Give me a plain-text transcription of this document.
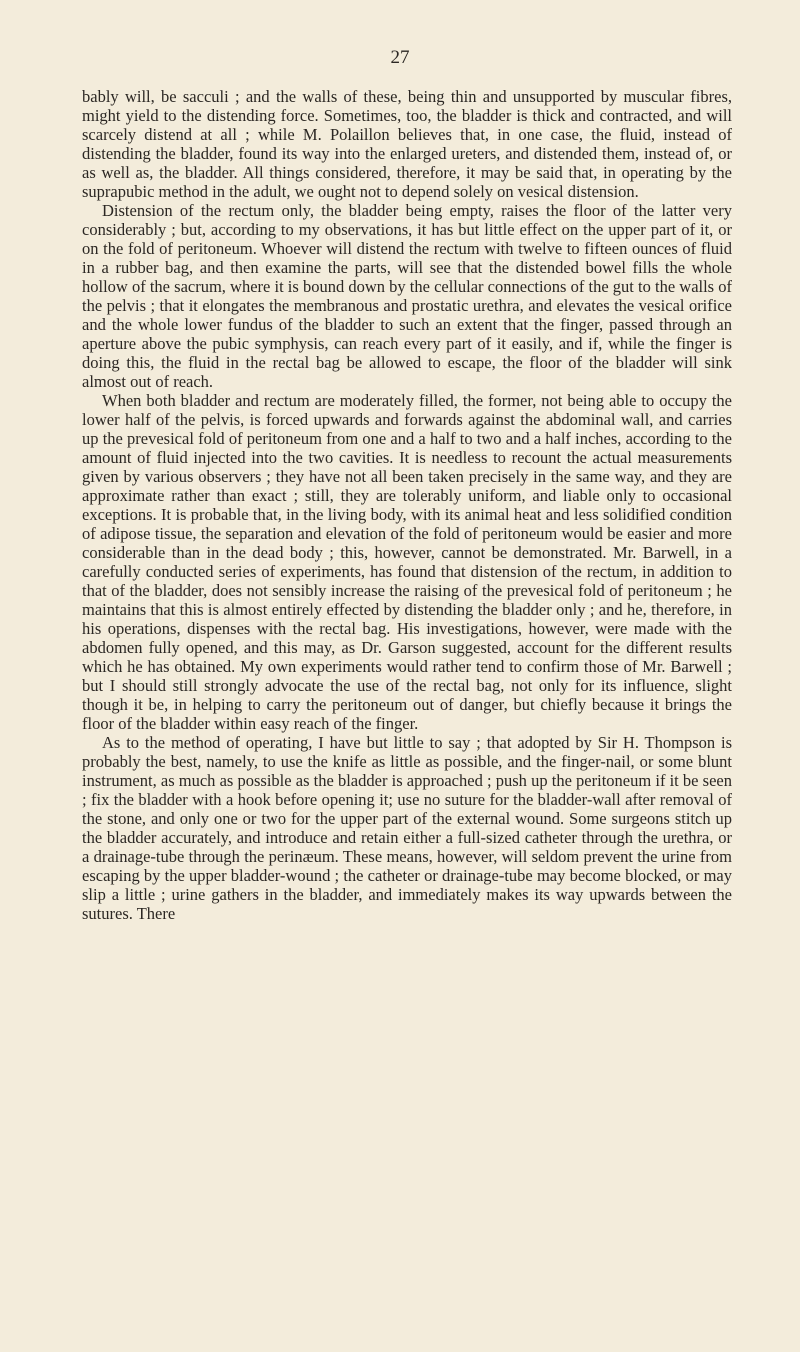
27

bably will, be sacculi ; and the walls of these, being thin and unsupported by muscular fibres, might yield to the distending force. Sometimes, too, the bladder is thick and contracted, and will scarcely distend at all ; while M. Polaillon believes that, in one case, the fluid, instead of distending the bladder, found its way into the enlarged ureters, and distended them, instead of, or as well as, the bladder. All things considered, therefore, it may be said that, in operating by the suprapubic method in the adult, we ought not to depend solely on vesical distension.

Distension of the rectum only, the bladder being empty, raises the floor of the latter very considerably ; but, according to my observations, it has but little effect on the upper part of it, or on the fold of peritoneum. Whoever will distend the rectum with twelve to fifteen ounces of fluid in a rubber bag, and then examine the parts, will see that the distended bowel fills the whole hollow of the sacrum, where it is bound down by the cellular connections of the gut to the walls of the pelvis ; that it elongates the membranous and prostatic urethra, and elevates the vesical orifice and the whole lower fundus of the bladder to such an extent that the finger, passed through an aperture above the pubic symphysis, can reach every part of it easily, and if, while the finger is doing this, the fluid in the rectal bag be allowed to escape, the floor of the bladder will sink almost out of reach.

When both bladder and rectum are moderately filled, the former, not being able to occupy the lower half of the pelvis, is forced upwards and forwards against the abdominal wall, and carries up the prevesical fold of peritoneum from one and a half to two and a half inches, according to the amount of fluid injected into the two cavities. It is needless to recount the actual measurements given by various observers ; they have not all been taken precisely in the same way, and they are approximate rather than exact ; still, they are tolerably uniform, and liable only to occasional exceptions. It is probable that, in the living body, with its animal heat and less solidified condition of adipose tissue, the separation and elevation of the fold of peritoneum would be easier and more considerable than in the dead body ; this, however, cannot be demonstrated. Mr. Barwell, in a carefully conducted series of experiments, has found that distension of the rectum, in addition to that of the bladder, does not sensibly increase the raising of the prevesical fold of peritoneum ; he maintains that this is almost entirely effected by distending the bladder only ; and he, therefore, in his operations, dispenses with the rectal bag. His investigations, however, were made with the abdomen fully opened, and this may, as Dr. Garson suggested, account for the different results which he has obtained. My own experiments would rather tend to confirm those of Mr. Barwell ; but I should still strongly advocate the use of the rectal bag, not only for its influence, slight though it be, in helping to carry the peritoneum out of danger, but chiefly because it brings the floor of the bladder within easy reach of the finger.

As to the method of operating, I have but little to say ; that adopted by Sir H. Thompson is probably the best, namely, to use the knife as little as possible, and the finger-nail, or some blunt instrument, as much as possible as the bladder is approached ; push up the peritoneum if it be seen ; fix the bladder with a hook before opening it; use no suture for the bladder-wall after removal of the stone, and only one or two for the upper part of the external wound. Some surgeons stitch up the bladder accurately, and introduce and retain either a full-sized catheter through the urethra, or a drainage-tube through the perinæum. These means, however, will seldom prevent the urine from escaping by the upper bladder-wound ; the catheter or drainage-tube may become blocked, or may slip a little ; urine gathers in the bladder, and immediately makes its way upwards between the sutures. There
